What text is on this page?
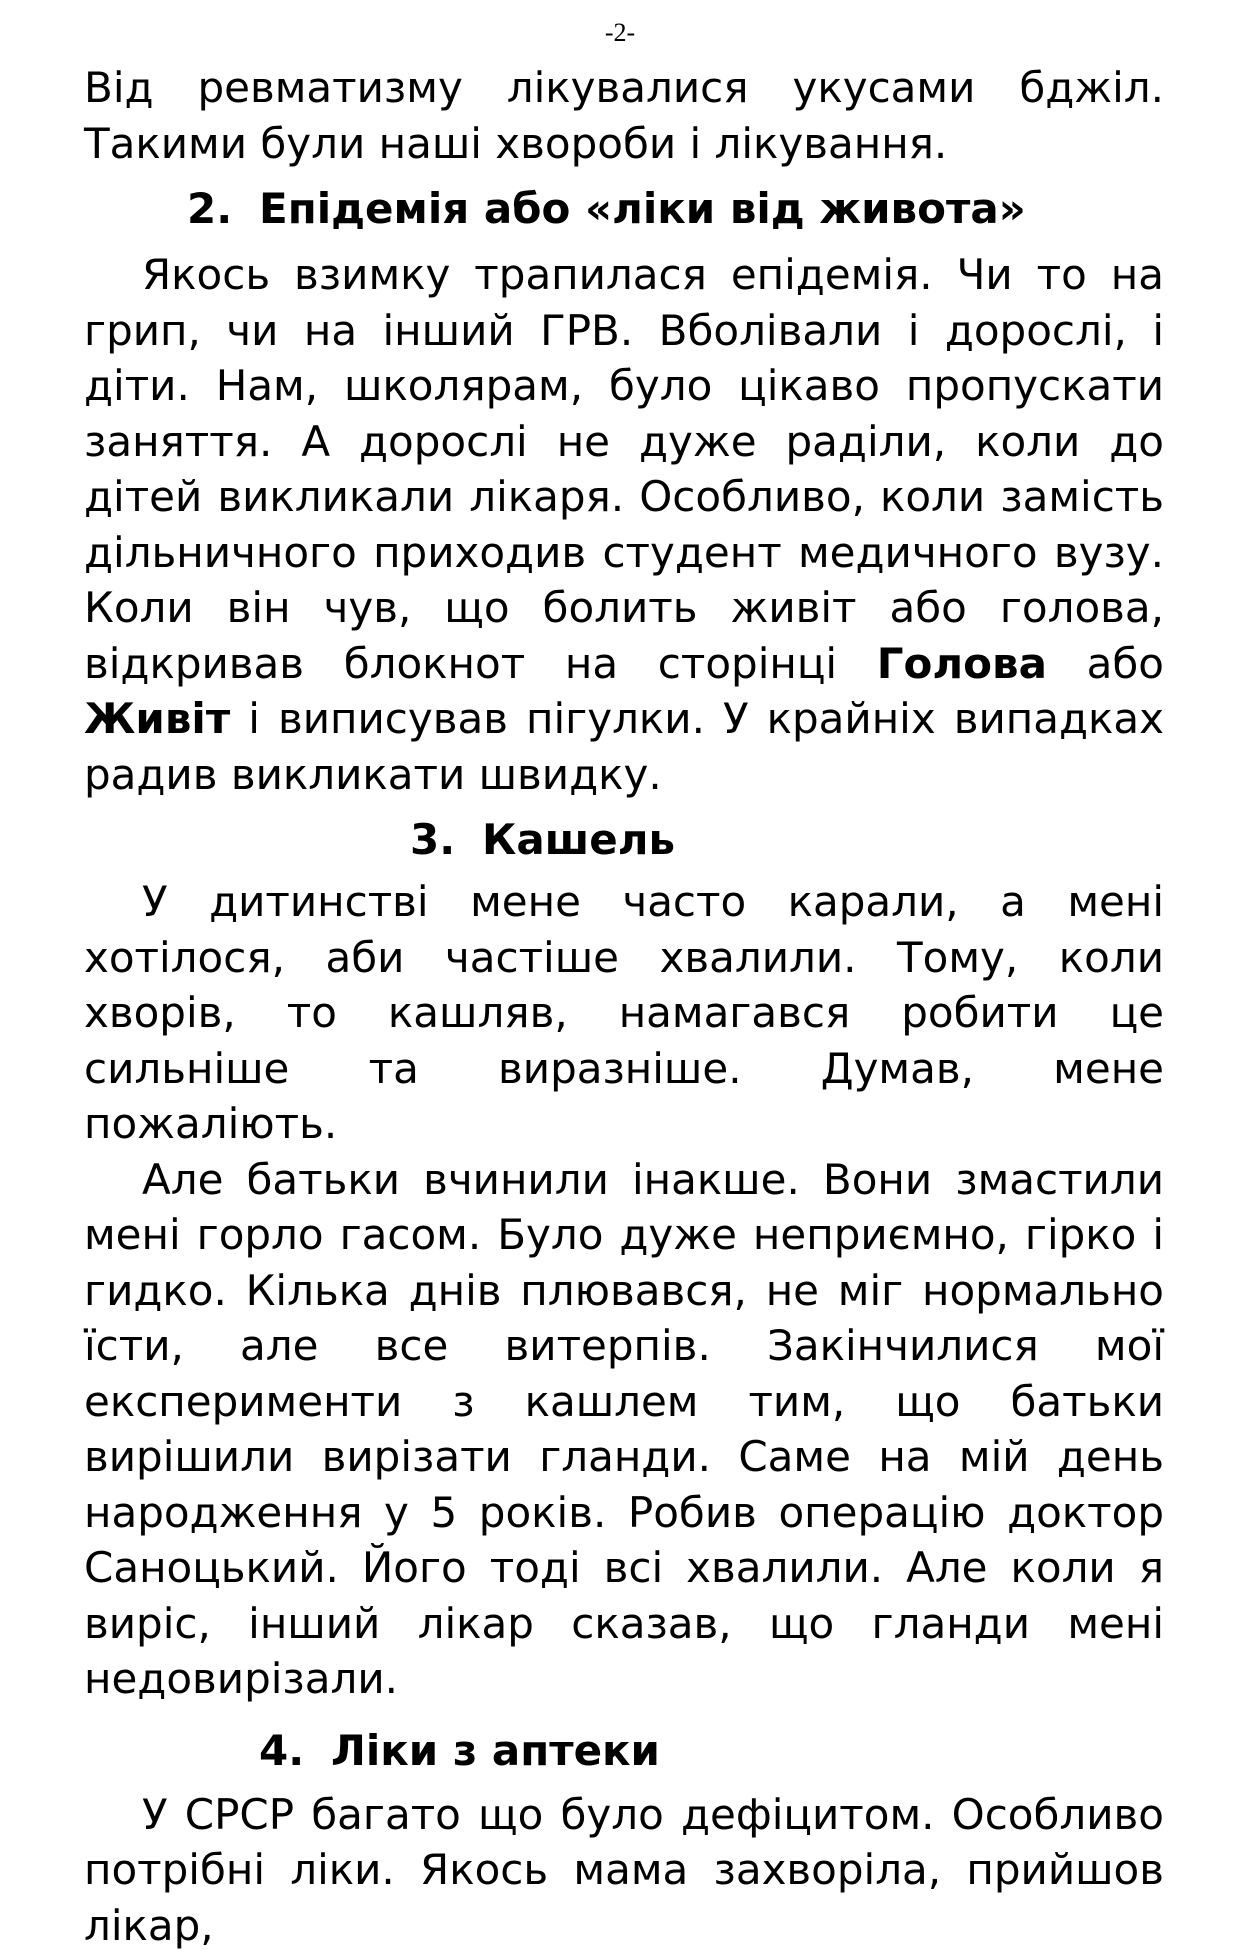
-2-

Від ревматизму лікувалися укусами бджіл. Такими були наші хвороби і лікування.

2. Епідемія або «ліки від живота»

Якось взимку трапилася епідемія. Чи то на грип, чи на інший ГРВ. Вболівали і дорослі, і діти. Нам, школярам, було цікаво пропускати заняття. А дорослі не дуже раділи, коли до дітей викликали лікаря. Особливо, коли замість дільничного приходив студент медичного вузу. Коли він чув, що болить живіт або голова, відкривав блокнот на сторінці Голова або Живіт і виписував пігулки. У крайніх випадках радив викликати швидку.

3. Кашель

У дитинстві мене часто карали, а мені хотілося, аби частіше хвалили. Тому, коли хворів, то кашляв, намагався робити це сильніше та виразніше. Думав, мене пожаліють.

Але батьки вчинили інакше. Вони змастили мені горло гасом. Було дуже неприємно, гірко і гидко. Кілька днів плювався, не міг нормально їсти, але все витерпів. Закінчилися мої експерименти з кашлем тим, що батьки вирішили вирізати гланди. Саме на мій день народження у 5 років. Робив операцію доктор Саноцький. Його тоді всі хвалили. Але коли я виріс, інший лікар сказав, що гланди мені недовирізали.

4. Ліки з аптеки

У СРСР багато що було дефіцитом. Особливо потрібні ліки. Якось мама захворіла, прийшов лікар,
